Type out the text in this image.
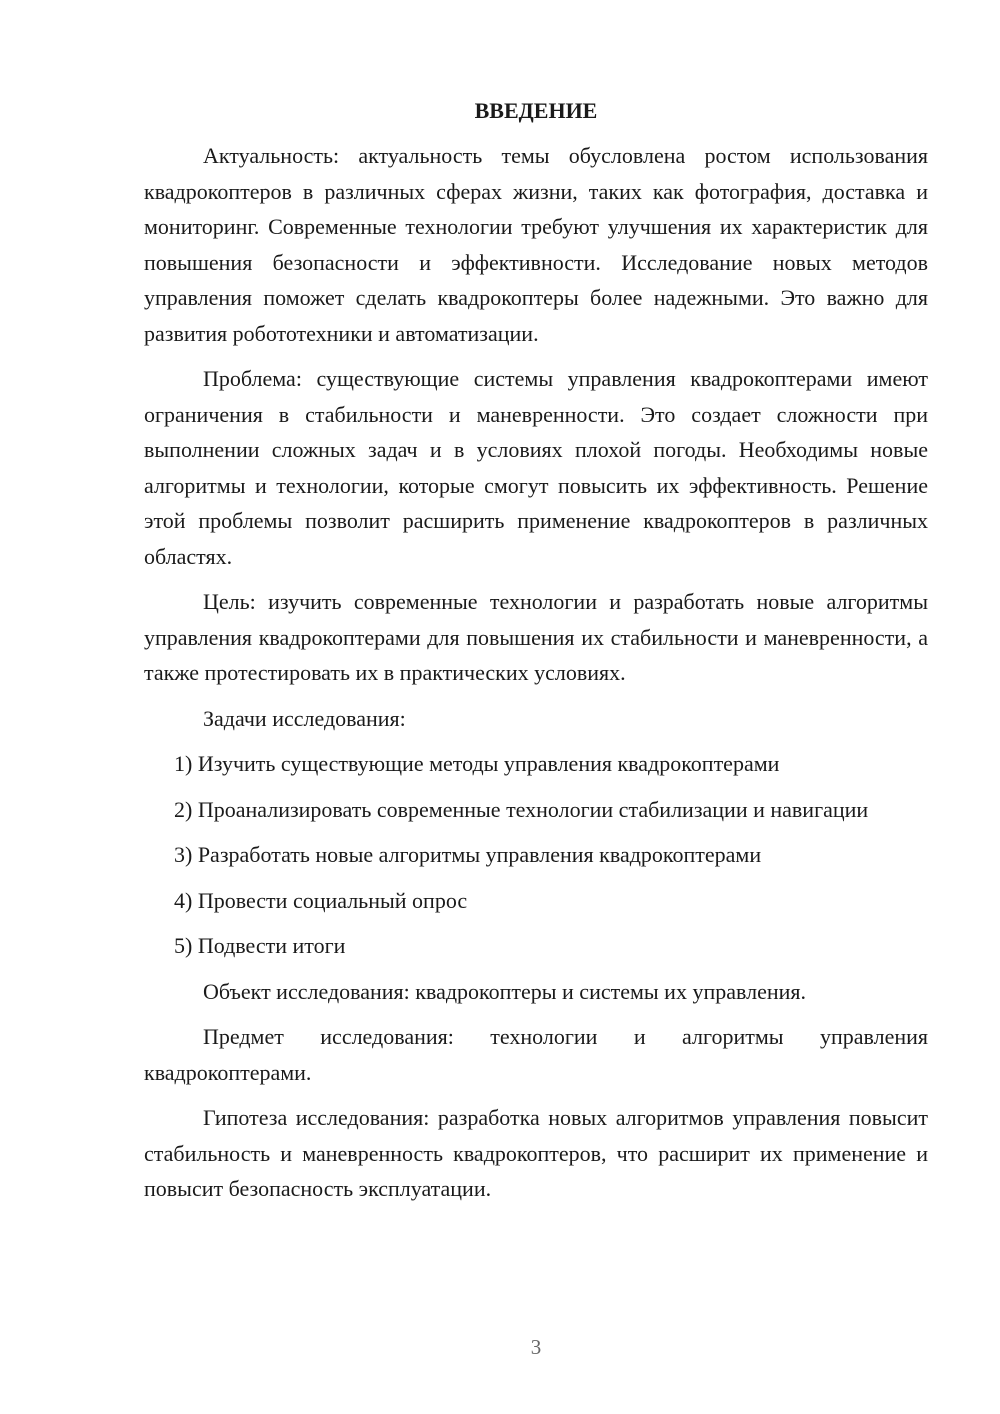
ВВЕДЕНИЕ

Актуальность: актуальность темы обусловлена ростом использования квадрокоптеров в различных сферах жизни, таких как фотография, доставка и мониторинг. Современные технологии требуют улучшения их характеристик для повышения безопасности и эффективности. Исследование новых методов управления поможет сделать квадрокоптеры более надежными. Это важно для развития робототехники и автоматизации.

Проблема: существующие системы управления квадрокоптерами имеют ограничения в стабильности и маневренности. Это создает сложности при выполнении сложных задач и в условиях плохой погоды. Необходимы новые алгоритмы и технологии, которые смогут повысить их эффективность. Решение этой проблемы позволит расширить применение квадрокоптеров в различных областях.

Цель: изучить современные технологии и разработать новые алгоритмы управления квадрокоптерами для повышения их стабильности и маневренности, а также протестировать их в практических условиях.

Задачи исследования:

1) Изучить существующие методы управления квадрокоптерами

2) Проанализировать современные технологии стабилизации и навигации

3) Разработать новые алгоритмы управления квадрокоптерами

4) Провести социальный опрос

5) Подвести итоги

Объект исследования: квадрокоптеры и системы их управления.

Предмет исследования: технологии и алгоритмы управления квадрокоптерами.

Гипотеза исследования: разработка новых алгоритмов управления повысит стабильность и маневренность квадрокоптеров, что расширит их применение и повысит безопасность эксплуатации.

3
